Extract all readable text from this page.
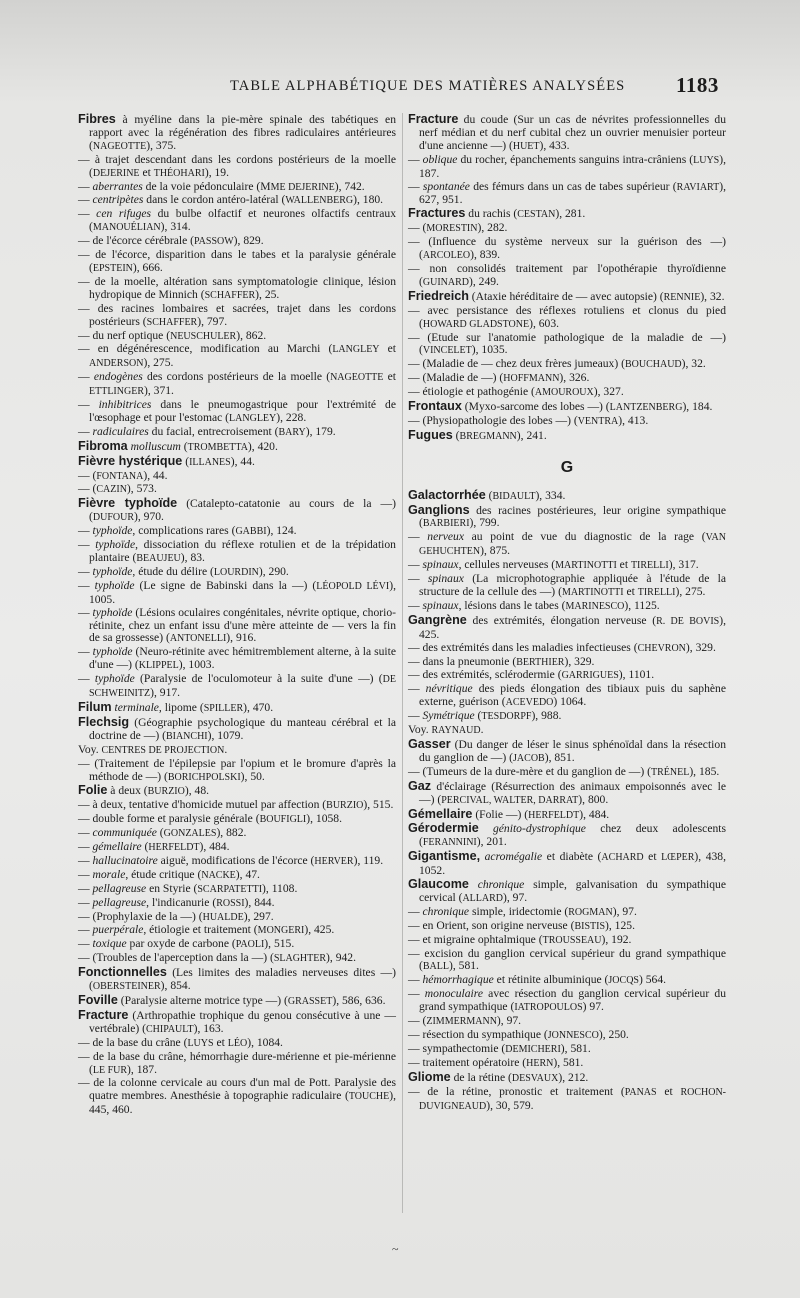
TABLE ALPHABÉTIQUE DES MATIÈRES ANALYSÉES 1183

Fibres à myéline dans la pie-mère spinale des tabétiques en rapport avec la régénération des fibres radiculaires antérieures (NAGEOTTE), 375.

— à trajet descendant dans les cordons postérieurs de la moelle (DEJERINE et THÉOHARI), 19.

— aberrantes de la voie pédonculaire (MME DEJERINE), 742.

— centripètes dans le cordon antéro-latéral (WALLENBERG), 180.

— cen rifuges du bulbe olfactif et neurones olfactifs centraux (MANOUÉLIAN), 314.

— de l'écorce cérébrale (PASSOW), 829.

— de l'écorce, disparition dans le tabes et la paralysie générale (EPSTEIN), 666.

— de la moelle, altération sans symptomatologie clinique, lésion hydropique de Minnich (SCHAFFER), 25.

— des racines lombaires et sacrées, trajet dans les cordons postérieurs (SCHAFFER), 797.

— du nerf optique (NEUSCHULER), 862.

— en dégénérescence, modification au Marchi (LANGLEY et ANDERSON), 275.

— endogènes des cordons postérieurs de la moelle (NAGEOTTE et ETTLINGER), 371.

— inhibitrices dans le pneumogastrique pour l'extrémité de l'œsophage et pour l'estomac (LANGLEY), 228.

— radiculaires du facial, entrecroisement (BARY), 179.

Fibroma molluscum (TROMBETTA), 420.

Fièvre hystérique (ILLANES), 44.

— (FONTANA), 44.

— (CAZIN), 573.

Fièvre typhoïde (Catalepto-catatonie au cours de la —) (DUFOUR), 970.

— typhoïde, complications rares (GABBI), 124.

— typhoïde, dissociation du réflexe rotulien et de la trépidation plantaire (BEAUJEU), 83.

— typhoïde, étude du délire (LOURDIN), 290.

— typhoïde (Le signe de Babinski dans la —) (LÉOPOLD LÉVI), 1005.

— typhoïde (Lésions oculaires congénitales, névrite optique, chorio-rétinite, chez un enfant issu d'une mère atteinte de — vers la fin de sa grossesse) (ANTONELLI), 916.

— typhoïde (Neuro-rétinite avec hémitremblement alterne, à la suite d'une —) (KLIPPEL), 1003.

— typhoïde (Paralysie de l'oculomoteur à la suite d'une —) (DE SCHWEINITZ), 917.

Filum terminale, lipome (SPILLER), 470.

Flechsig (Géographie psychologique du manteau cérébral et la doctrine de —) (BIANCHI), 1079.

Voy. CENTRES DE PROJECTION.

— (Traitement de l'épilepsie par l'opium et le bromure d'après la méthode de —) (BORICHPOLSKI), 50.

Folie à deux (BURZIO), 48.

— à deux, tentative d'homicide mutuel par affection (BURZIO), 515.

— double forme et paralysie générale (BOUFIGLI), 1058.

— communiquée (GONZALES), 882.

— gémellaire (HERFELDT), 484.

— hallucinatoire aiguë, modifications de l'écorce (HERVER), 119.

— morale, étude critique (NACKE), 47.

— pellagreuse en Styrie (SCARPATETTI), 1108.

— pellagreuse, l'indicanurie (ROSSI), 844.

— (Prophylaxie de la —) (HUALDE), 297.

— puerpérale, étiologie et traitement (MONGERI), 425.

— toxique par oxyde de carbone (PAOLI), 515.

— (Troubles de l'aperception dans la —) (SLAGHTER), 942.

Fonctionnelles (Les limites des maladies nerveuses dites —) (OBERSTEINER), 854.

Foville (Paralysie alterne motrice type —) (GRASSET), 586, 636.

Fracture (Arthropathie trophique du genou consécutive à une — vertébrale) (CHIPAULT), 163.

— de la base du crâne (LUYS et LÉO), 1084.

— de la base du crâne, hémorrhagie dure-mérienne et pie-mérienne (LE FUR), 187.

— de la colonne cervicale au cours d'un mal de Pott. Paralysie des quatre membres. Anesthésie à topographie radiculaire (TOUCHE), 445, 460.

Fracture du coude (Sur un cas de névrites professionnelles du nerf médian et du nerf cubital chez un ouvrier menuisier porteur d'une ancienne —) (HUET), 433.

— oblique du rocher, épanchements sanguins intra-crâniens (LUYS), 187.

— spontanée des fémurs dans un cas de tabes supérieur (RAVIART), 627, 951.

Fractures du rachis (CESTAN), 281.

— (MORESTIN), 282.

— (Influence du système nerveux sur la guérison des —) (ARCOLEO), 839.

— non consolidés traitement par l'opothérapie thyroïdienne (GUINARD), 249.

Friedreich (Ataxie héréditaire de — avec autopsie) (RENNIE), 32.

— avec persistance des réflexes rotuliens et clonus du pied (HOWARD GLADSTONE), 603.

— (Etude sur l'anatomie pathologique de la maladie de —) (VINCELET), 1035.

— (Maladie de — chez deux frères jumeaux) (BOUCHAUD), 32.

— (Maladie de —) (HOFFMANN), 326.

— étiologie et pathogénie (AMOUROUX), 327.

Frontaux (Myxo-sarcome des lobes —) (LANTZENBERG), 184.

— (Physiopathologie des lobes —) (VENTRA), 413.

Fugues (BREGMANN), 241.

G

Galactorrhée (BIDAULT), 334.

Ganglions des racines postérieures, leur origine sympathique (BARBIERI), 799.

— nerveux au point de vue du diagnostic de la rage (VAN GEHUCHTEN), 875.

— spinaux, cellules nerveuses (MARTINOTTI et TIRELLI), 317.

— spinaux (La microphotographie appliquée à l'étude de la structure de la cellule des —) (MARTINOTTI et TIRELLI), 275.

— spinaux, lésions dans le tabes (MARINESCO), 1125.

Gangrène des extrémités, élongation nerveuse (R. DE BOVIS), 425.

— des extrémités dans les maladies infectieuses (CHEVRON), 329.

— dans la pneumonie (BERTHIER), 329.

— des extrémités, sclérodermie (GARRIGUES), 1101.

— névritique des pieds élongation des tibiaux puis du saphène externe, guérison (ACEVEDO) 1064.

— Symétrique (TESDORPF), 988.

Voy. RAYNAUD.

Gasser (Du danger de léser le sinus sphénoïdal dans la résection du ganglion de —) (JACOB), 851.

— (Tumeurs de la dure-mère et du ganglion de —) (TRÉNEL), 185.

Gaz d'éclairage (Résurrection des animaux empoisonnés avec le —) (PERCIVAL, WALTER, DARRAT), 800.

Gémellaire (Folie —) (HERFELDT), 484.

Gérodermie génito-dystrophique chez deux adolescents (FERANNINI), 201.

Gigantisme, acromégalie et diabète (ACHARD et LŒPER), 438, 1052.

Glaucome chronique simple, galvanisation du sympathique cervical (ALLARD), 97.

— chronique simple, iridectomie (ROGMAN), 97.

— en Orient, son origine nerveuse (BISTIS), 125.

— et migraine ophtalmique (TROUSSEAU), 192.

— excision du ganglion cervical supérieur du grand sympathique (BALL), 581.

— hémorrhagique et rétinite albuminique (JOCQS) 564.

— monoculaire avec résection du ganglion cervical supérieur du grand sympathique (IATROPOULOS) 97.

— (ZIMMERMANN), 97.

— résection du sympathique (JONNESCO), 250.

— sympathectomie (DEMICHERI), 581.

— traitement opératoire (HERN), 581.

Gliome de la rétine (DESVAUX), 212.

— de la rétine, pronostic et traitement (PANAS et ROCHON-DUVIGNEAUD), 30, 579.

~
